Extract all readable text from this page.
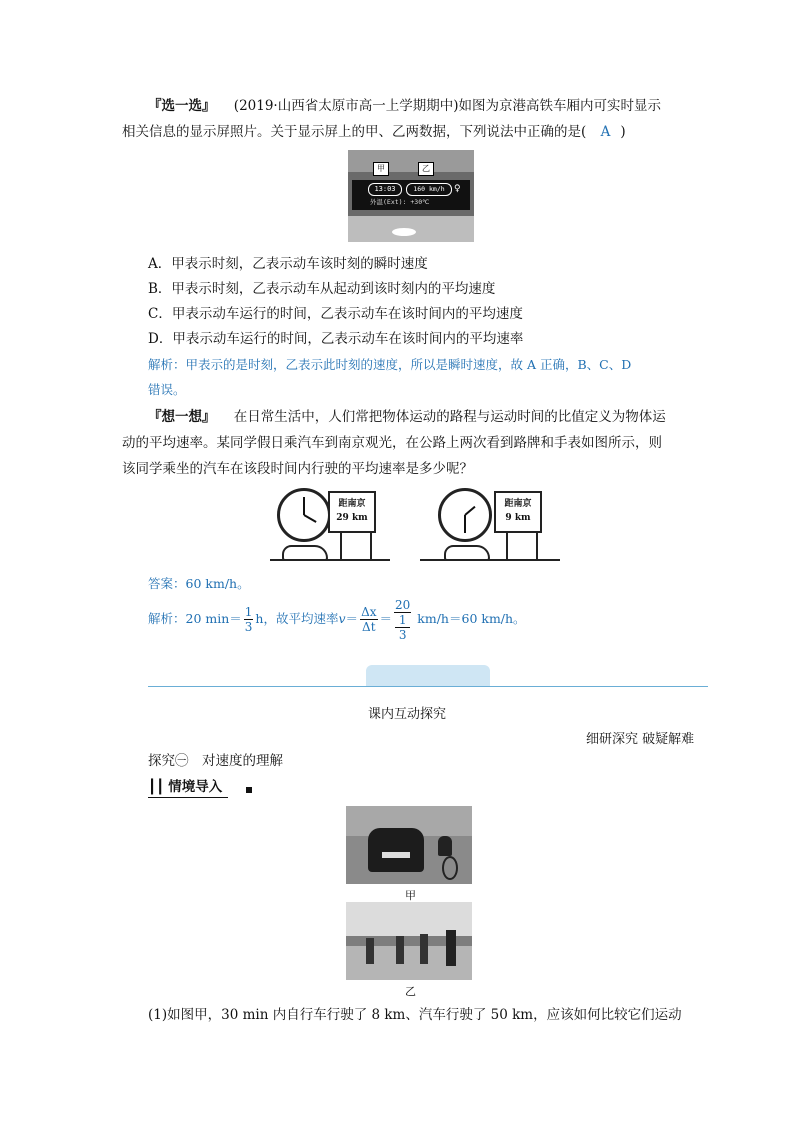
『选一选』 (2019·山西省太原市高一上学期期中)如图为京港高铁车厢内可实时显示
相关信息的显示屏照片。关于显示屏上的甲、乙两数据，下列说法中正确的是( A )
甲	乙
13:03	160 km/h
外温(Ext): +30℃
♀
A．甲表示时刻，乙表示动车该时刻的瞬时速度
B．甲表示时刻，乙表示动车从起动到该时刻内的平均速度
C．甲表示动车运行的时间，乙表示动车在该时间内的平均速度
D．甲表示动车运行的时间，乙表示动车在该时间内的平均速率
解析：甲表示的是时刻，乙表示此时刻的速度，所以是瞬时速度，故 A 正确，B、C、D
错误。
『想一想』 在日常生活中，人们常把物体运动的路程与运动时间的比值定义为物体运
动的平均速率。某同学假日乘汽车到南京观光，在公路上两次看到路牌和手表如图所示，则
该同学乘坐的汽车在该段时间内行驶的平均速率是多少呢？
距南京
29 km
距南京
9 km
答案：60 km/h。
解析：20 $\min= \frac{1}{3}$ h，故平均速率$v= \frac{\Delta x}{\Delta t} = 20$
1
3 km/h＝60 km/h。
课内互动探究
细研深究 破疑解难
探究㊀　对速度的理解
┃┃ 情境导入
甲
乙
(1)如图甲，30 min 内自行车行驶了 8 km、汽车行驶了 50 km，应该如何比较它们运动
